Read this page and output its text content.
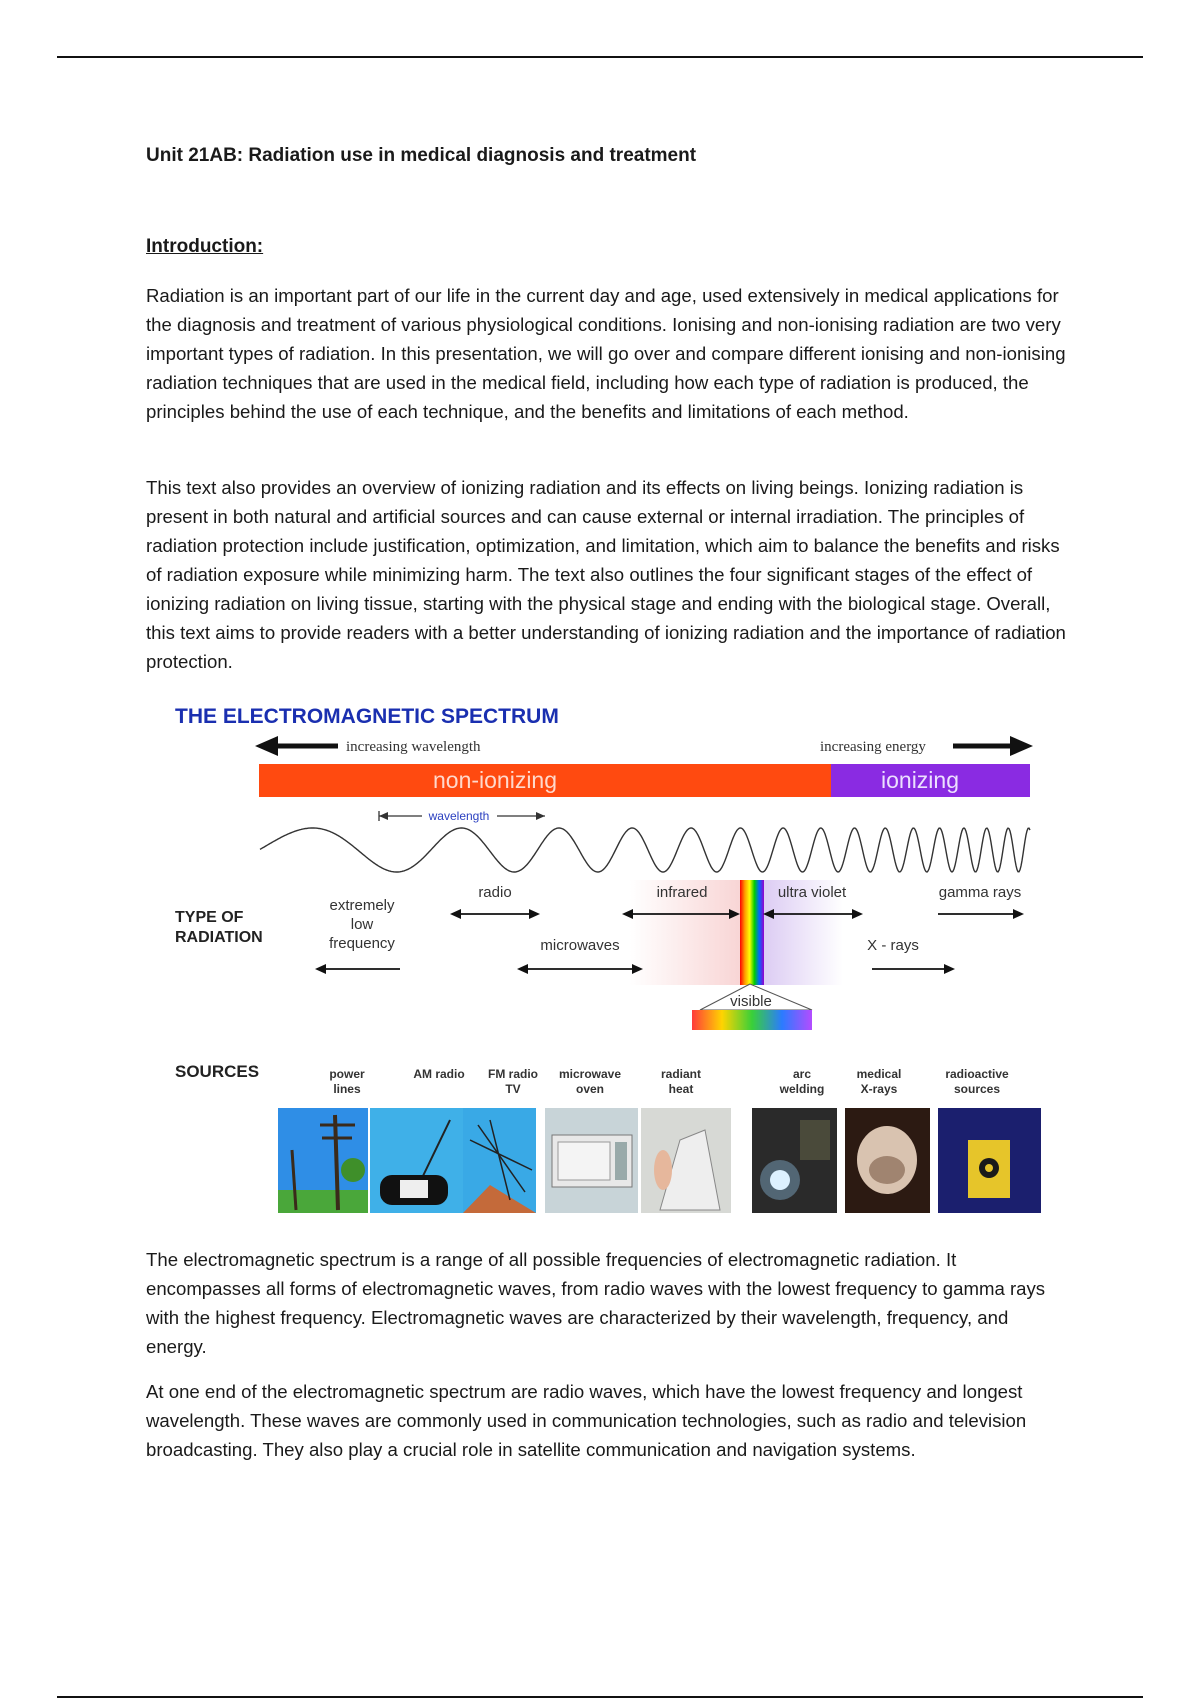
Unit 21AB: Radiation use in medical diagnosis and treatment
Introduction:

Radiation is an important part of our life in the current day and age, used extensively in medical applications for the diagnosis and treatment of various physiological conditions. Ionising and non-ionising radiation are two very important types of radiation. In this presentation, we will go over and compare different ionising and non-ionising radiation techniques that are used in the medical field, including how each type of radiation is produced, the principles behind the use of each technique, and the benefits and limitations of each method.

This text also provides an overview of ionizing radiation and its effects on living beings. Ionizing radiation is present in both natural and artificial sources and can cause external or internal irradiation. The principles of radiation protection include justification, optimization, and limitation, which aim to balance the benefits and risks of radiation exposure while minimizing harm. The text also outlines the four significant stages of the effect of ionizing radiation on living tissue, starting with the physical stage and ending with the biological stage. Overall, this text aims to provide readers with a better understanding of ionizing radiation and the importance of radiation protection.

THE ELECTROMAGNETIC SPECTRUM
increasing wavelength	increasing energy
non-ionizing	ionizing
wavelength
TYPE OF
RADIATION
extremely
low
frequency
radio
microwaves
infrared	ultra violet
X - rays
gamma rays
visible
SOURCES	power
lines
AM radio FM radio
TV
microwave
oven
radiant
heat
arc
welding
medical
X-rays
radioactive
sources

The electromagnetic spectrum is a range of all possible frequencies of electromagnetic radiation. It encompasses all forms of electromagnetic waves, from radio waves with the lowest frequency to gamma rays with the highest frequency. Electromagnetic waves are characterized by their wavelength, frequency, and energy.

At one end of the electromagnetic spectrum are radio waves, which have the lowest frequency and longest wavelength. These waves are commonly used in communication technologies, such as radio and television broadcasting. They also play a crucial role in satellite communication and navigation systems.
